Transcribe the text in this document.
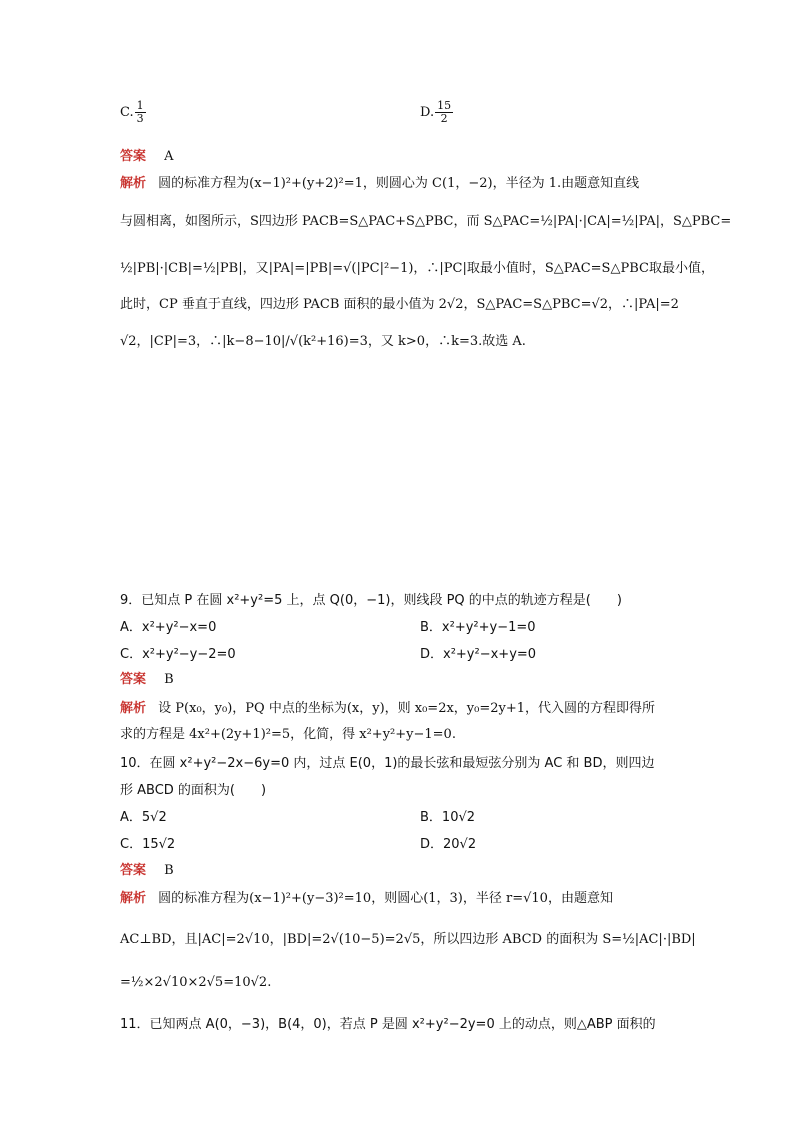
C. $\frac{1}{3}$	D. $\frac{15}{2}$
答案 A
解析 圆的标准方程为(x−1)²+(y+2)²=1，则圆心为 C(1，−2)，半径为 1.由题意知直线
与圆相离，如图所示，S四边形 PACB=S△PAC+S△PBC，而 S△PAC=½|PA|·|CA|=½|PA|，S△PBC=
½|PB|·|CB|=½|PB|，又|PA|=|PB|=√(|PC|²−1)，∴|PC|取最小值时，S△PAC=S△PBC取最小值，
此时，CP 垂直于直线，四边形 PACB 面积的最小值为 2√2，S△PAC=S△PBC=√2，∴|PA|=2
√2，|CP|=3，∴|k−8−10|/√(k²+16)=3，又 k>0，∴k=3.故选 A.
9．已知点 P 在圆 x²+y²=5 上，点 Q(0，−1)，则线段 PQ 的中点的轨迹方程是(　　)
A．x²+y²−x=0	B．x²+y²+y−1=0
C．x²+y²−y−2=0	D．x²+y²−x+y=0
答案 B
解析 设 P(x₀，y₀)，PQ 中点的坐标为(x，y)，则 x₀=2x，y₀=2y+1，代入圆的方程即得所
求的方程是 4x²+(2y+1)²=5，化简，得 x²+y²+y−1=0.
10．在圆 x²+y²−2x−6y=0 内，过点 E(0，1)的最长弦和最短弦分别为 AC 和 BD，则四边
形 ABCD 的面积为(　　)
A．5√2	B．10√2
C．15√2	D．20√2
答案 B
解析 圆的标准方程为(x−1)²+(y−3)²=10，则圆心(1，3)，半径 r=√10，由题意知
AC⊥BD，且|AC|=2√10，|BD|=2√(10−5)=2√5，所以四边形 ABCD 的面积为 S=½|AC|·|BD|
=½×2√10×2√5=10√2.
11．已知两点 A(0，−3)，B(4，0)，若点 P 是圆 x²+y²−2y=0 上的动点，则△ABP 面积的
